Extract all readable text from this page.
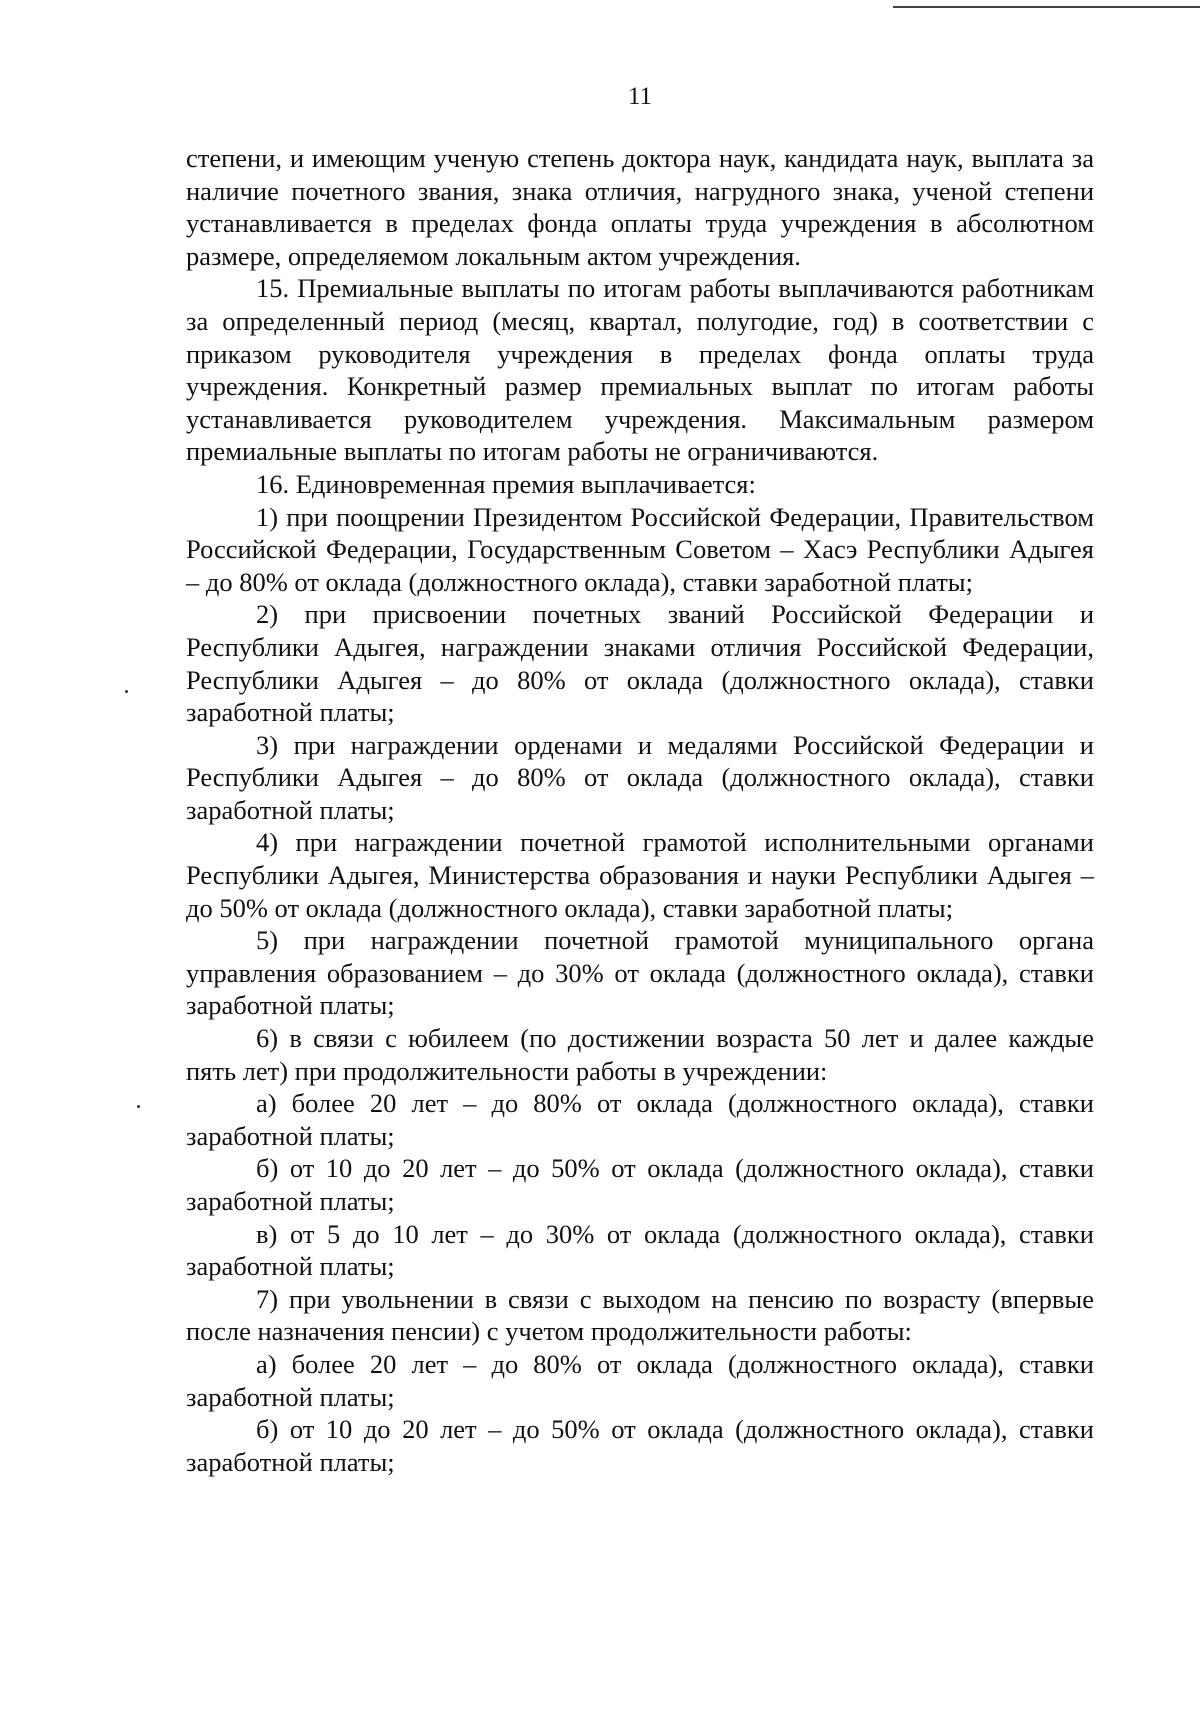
11

степени, и имеющим ученую степень доктора наук, кандидата наук, выплата за наличие почетного звания, знака отличия, нагрудного знака, ученой степени устанавливается в пределах фонда оплаты труда учреждения в абсолютном размере, определяемом локальным актом учреждения.

15. Премиальные выплаты по итогам работы выплачиваются работникам за определенный период (месяц, квартал, полугодие, год) в соответствии с приказом руководителя учреждения в пределах фонда оплаты труда учреждения. Конкретный размер премиальных выплат по итогам работы устанавливается руководителем учреждения. Максимальным размером премиальные выплаты по итогам работы не ограничиваются.

16. Единовременная премия выплачивается:

1) при поощрении Президентом Российской Федерации, Правительством Российской Федерации, Государственным Советом – Хасэ Республики Адыгея – до 80% от оклада (должностного оклада), ставки заработной платы;

2) при присвоении почетных званий Российской Федерации и Республики Адыгея, награждении знаками отличия Российской Федерации, Республики Адыгея – до 80% от оклада (должностного оклада), ставки заработной платы;

3) при награждении орденами и медалями Российской Федерации и Республики Адыгея – до 80% от оклада (должностного оклада), ставки заработной платы;

4) при награждении почетной грамотой исполнительными органами Республики Адыгея, Министерства образования и науки Республики Адыгея – до 50% от оклада (должностного оклада), ставки заработной платы;

5) при награждении почетной грамотой муниципального органа управления образованием – до 30% от оклада (должностного оклада), ставки заработной платы;

6) в связи с юбилеем (по достижении возраста 50 лет и далее каждые пять лет) при продолжительности работы в учреждении:

а) более 20 лет – до 80% от оклада (должностного оклада), ставки заработной платы;

б) от 10 до 20 лет – до 50% от оклада (должностного оклада), ставки заработной платы;

в) от 5 до 10 лет – до 30% от оклада (должностного оклада), ставки заработной платы;

7) при увольнении в связи с выходом на пенсию по возрасту (впервые после назначения пенсии) с учетом продолжительности работы:

а) более 20 лет – до 80% от оклада (должностного оклада), ставки заработной платы;

б) от 10 до 20 лет – до 50% от оклада (должностного оклада), ставки заработной платы;
